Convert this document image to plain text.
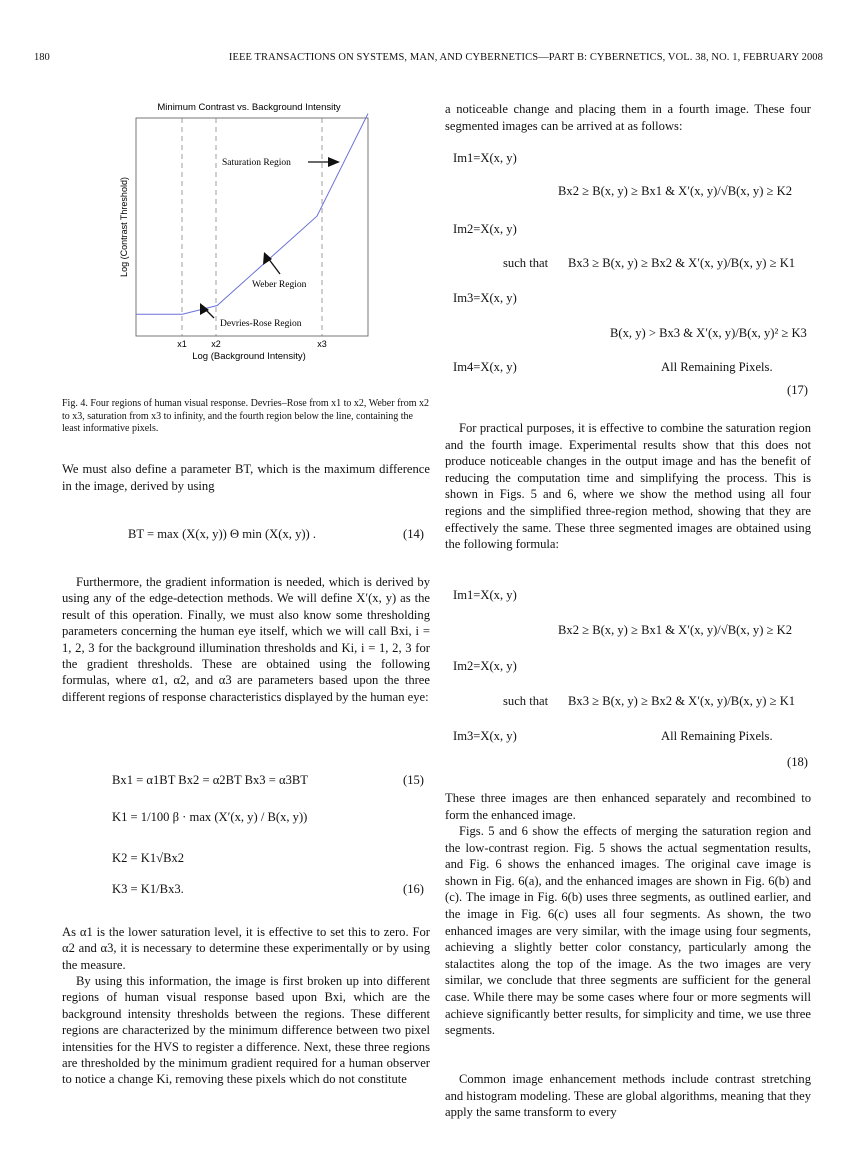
180	IEEE TRANSACTIONS ON SYSTEMS, MAN, AND CYBERNETICS—PART B: CYBERNETICS, VOL. 38, NO. 1, FEBRUARY 2008
Minimum Contrast vs. Background Intensity
x1	x2	x3
Log (Background Intensity)
Log (Contrast Threshold)
Saturation Region
Weber Region
Devries-Rose Region
Fig. 4. Four regions of human visual response. Devries–Rose from x1 to x2, Weber from x2 to x3, saturation from x3 to infinity, and the fourth region below the line, containing the least informative pixels.

We must also define a parameter BT, which is the maximum difference in the image, derived by using

BT = max (X(x, y)) Θ min (X(x, y)) .	(14)

Furthermore, the gradient information is needed, which is derived by using any of the edge-detection methods. We will define X′(x, y) as the result of this operation. Finally, we must also know some thresholding parameters concerning the human eye itself, which we will call Bxi, i = 1, 2, 3 for the background illumination thresholds and Ki, i = 1, 2, 3 for the gradient thresholds. These are obtained using the following formulas, where α1, α2, and α3 are parameters based upon the three different regions of response characteristics displayed by the human eye:

Bx1 = α1BT Bx2 = α2BT Bx3 = α3BT	(15)
K1 = 1/100 β · max (X′(x, y) / B(x, y))
K2 = K1√Bx2
K3 = K1/Bx3.	(16)

As α1 is the lower saturation level, it is effective to set this to zero. For α2 and α3, it is necessary to determine these experimentally or by using the measure.

By using this information, the image is first broken up into different regions of human visual response based upon Bxi, which are the background intensity thresholds between the regions. These different regions are characterized by the minimum difference between two pixel intensities for the HVS to register a difference. Next, these three regions are thresholded by the minimum gradient required for a human observer to notice a change Ki, removing these pixels which do not constitute

a noticeable change and placing them in a fourth image. These four segmented images can be arrived at as follows:

Im1=X(x, y)
Bx2 ≥ B(x, y) ≥ Bx1 & X′(x, y)/√B(x, y) ≥ K2
Im2=X(x, y)
such that Bx3 ≥ B(x, y) ≥ Bx2 & X′(x, y)/B(x, y) ≥ K1
Im3=X(x, y)
B(x, y) > Bx3 & X′(x, y)/B(x, y)² ≥ K3
Im4=X(x, y)	All Remaining Pixels.
(17)

For practical purposes, it is effective to combine the saturation region and the fourth image. Experimental results show that this does not produce noticeable changes in the output image and has the benefit of reducing the computation time and simplifying the process. This is shown in Figs. 5 and 6, where we show the method using all four regions and the simplified three-region method, showing that they are effectively the same. These three segmented images are obtained using the following formula:

Im1=X(x, y)
Bx2 ≥ B(x, y) ≥ Bx1 & X′(x, y)/√B(x, y) ≥ K2
Im2=X(x, y)
such that Bx3 ≥ B(x, y) ≥ Bx2 & X′(x, y)/B(x, y) ≥ K1
Im3=X(x, y)	All Remaining Pixels.
(18)

These three images are then enhanced separately and recombined to form the enhanced image.

Figs. 5 and 6 show the effects of merging the saturation region and the low-contrast region. Fig. 5 shows the actual segmentation results, and Fig. 6 shows the enhanced images. The original cave image is shown in Fig. 6(a), and the enhanced images are shown in Fig. 6(b) and (c). The image in Fig. 6(b) uses three segments, as outlined earlier, and the image in Fig. 6(c) uses all four segments. As shown, the two enhanced images are very similar, with the image using four segments, achieving a slightly better color constancy, particularly among the stalactites along the top of the image. As the two images are very similar, we conclude that three segments are sufficient for the general case. While there may be some cases where four or more segments will achieve significantly better results, for simplicity and time, we use three segments.

Common image enhancement methods include contrast stretching and histogram modeling. These are global algorithms, meaning that they apply the same transform to every
